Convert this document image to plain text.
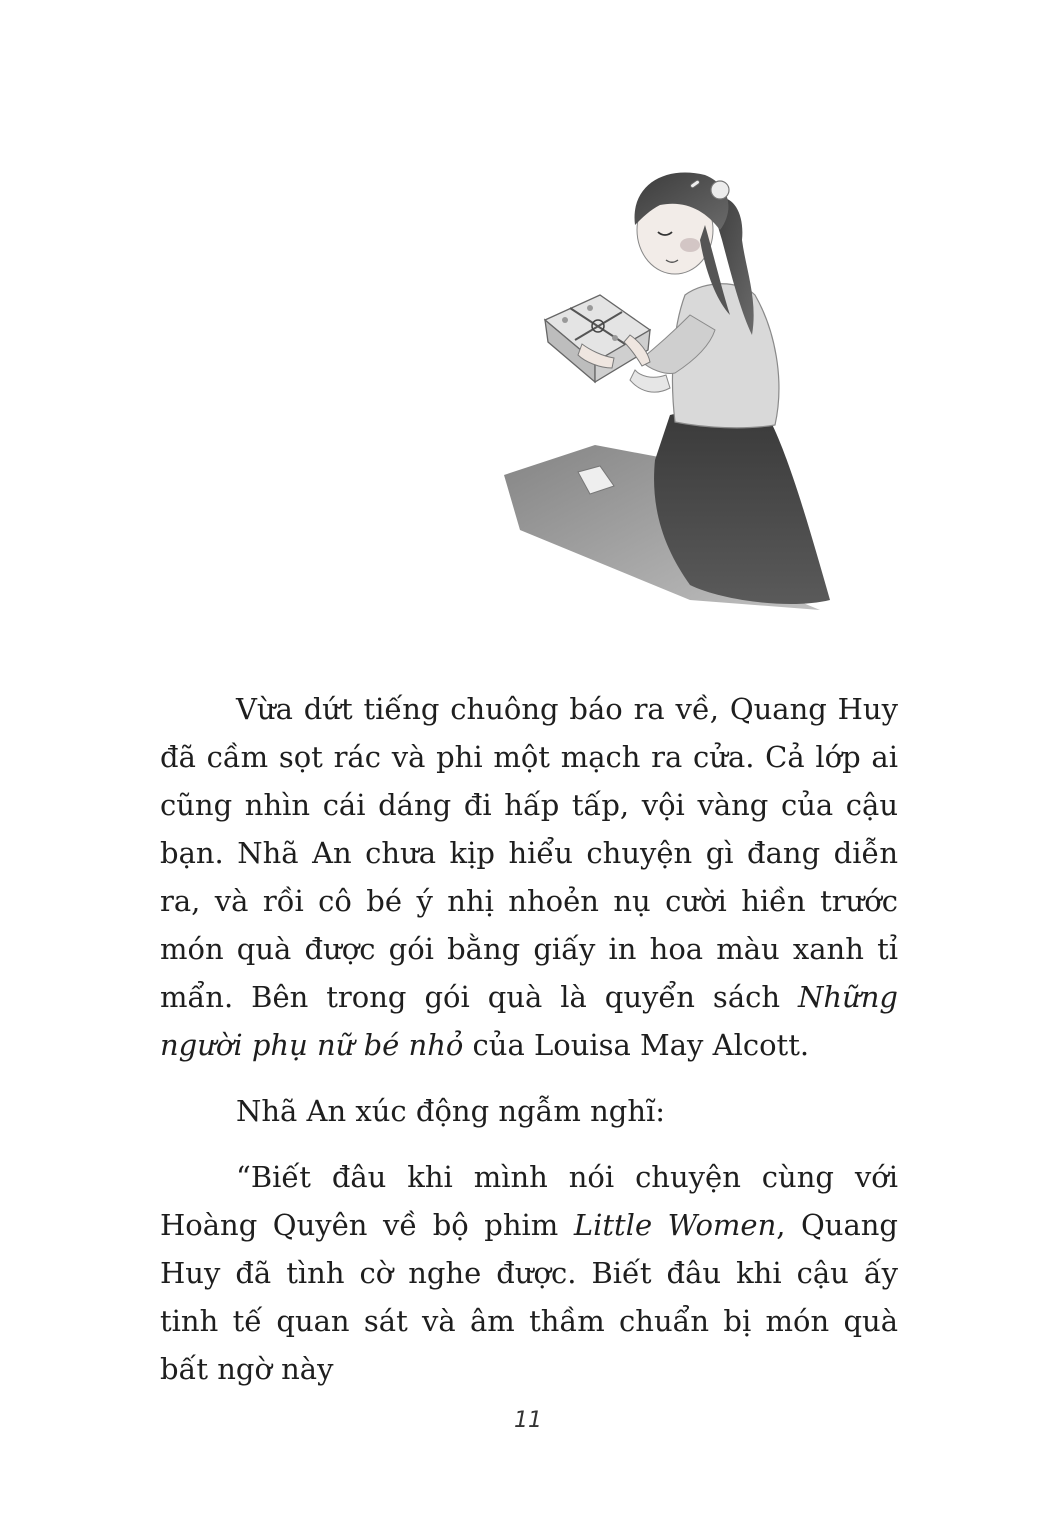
Vừa dứt tiếng chuông báo ra về, Quang Huy đã cầm sọt rác và phi một mạch ra cửa. Cả lớp ai cũng nhìn cái dáng đi hấp tấp, vội vàng của cậu bạn. Nhã An chưa kịp hiểu chuyện gì đang diễn ra, và rồi cô bé ý nhị nhoẻn nụ cười hiền trước món quà được gói bằng giấy in hoa màu xanh tỉ mẩn. Bên trong gói quà là quyển sách Những người phụ nữ bé nhỏ của Louisa May Alcott.

Nhã An xúc động ngẫm nghĩ:

“Biết đâu khi mình nói chuyện cùng với Hoàng Quyên về bộ phim Little Women, Quang Huy đã tình cờ nghe được. Biết đâu khi cậu ấy tinh tế quan sát và âm thầm chuẩn bị món quà bất ngờ này

11
